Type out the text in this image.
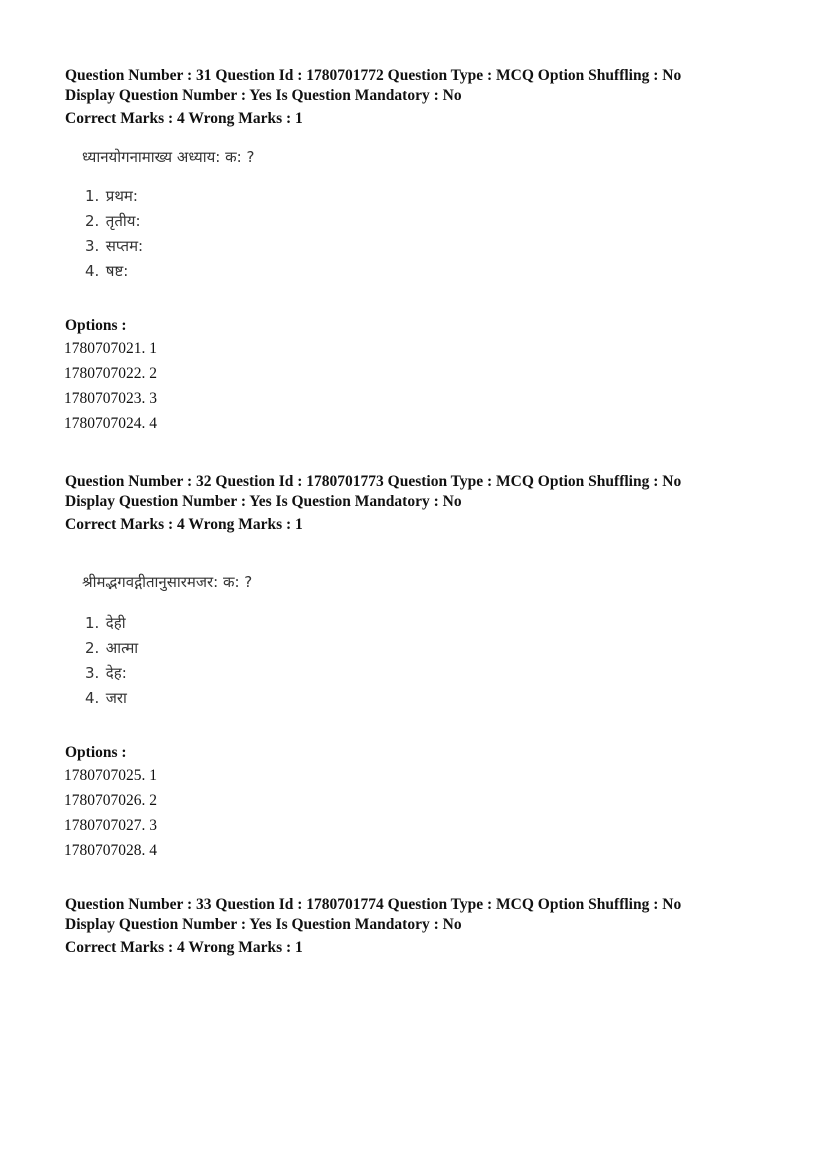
Question Number : 31 Question Id : 1780701772 Question Type : MCQ Option Shuffling : No
Display Question Number : Yes Is Question Mandatory : No
Correct Marks : 4 Wrong Marks : 1
ध्यानयोगनामाख्य अध्याय: क: ?
1. प्रथम:
2. तृतीय:
3. सप्तम:
4. षष्ट:
Options :
1780707021. 1
1780707022. 2
1780707023. 3
1780707024. 4
Question Number : 32 Question Id : 1780701773 Question Type : MCQ Option Shuffling : No
Display Question Number : Yes Is Question Mandatory : No
Correct Marks : 4 Wrong Marks : 1
श्रीमद्भगवद्गीतानुसारमजर: क: ?
1. देही
2. आत्मा
3. देह:
4. जरा
Options :
1780707025. 1
1780707026. 2
1780707027. 3
1780707028. 4
Question Number : 33 Question Id : 1780701774 Question Type : MCQ Option Shuffling : No
Display Question Number : Yes Is Question Mandatory : No
Correct Marks : 4 Wrong Marks : 1
